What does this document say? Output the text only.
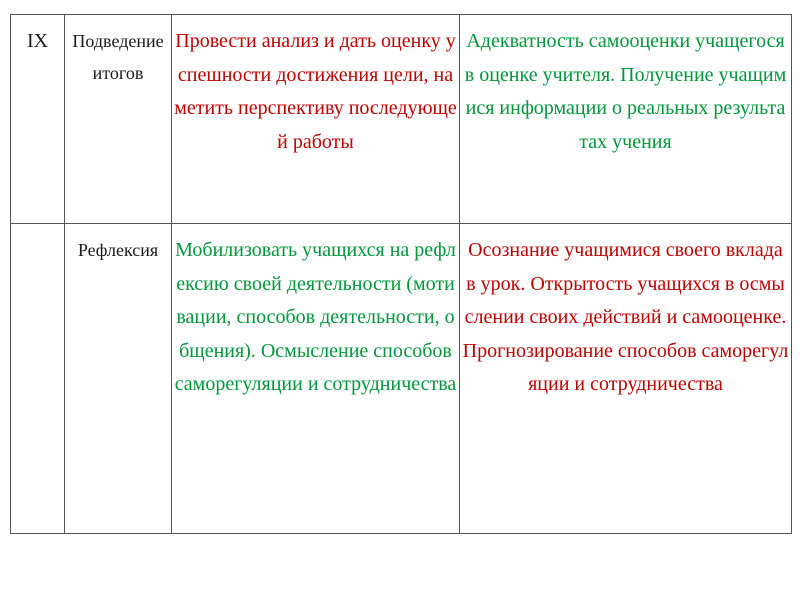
IX	Подведение итогов	Провести анализ и дать оценку успешности достижения цели, наметить перспективу последующей работы	Адекватность самооценки учащегося в оценке учителя. Получение учащимися информации о реальных результатах учения
	Рефлексия	Мобилизовать учащихся на рефлексию своей деятельности (мотивации, способов деятельности, общения). Осмысление способов саморегуляции и сотрудничества	Осознание учащимися своего вклада в урок. Открытость учащихся в осмыслении своих действий и самооценке. Прогнозирование способов саморегуляции и сотрудничества
